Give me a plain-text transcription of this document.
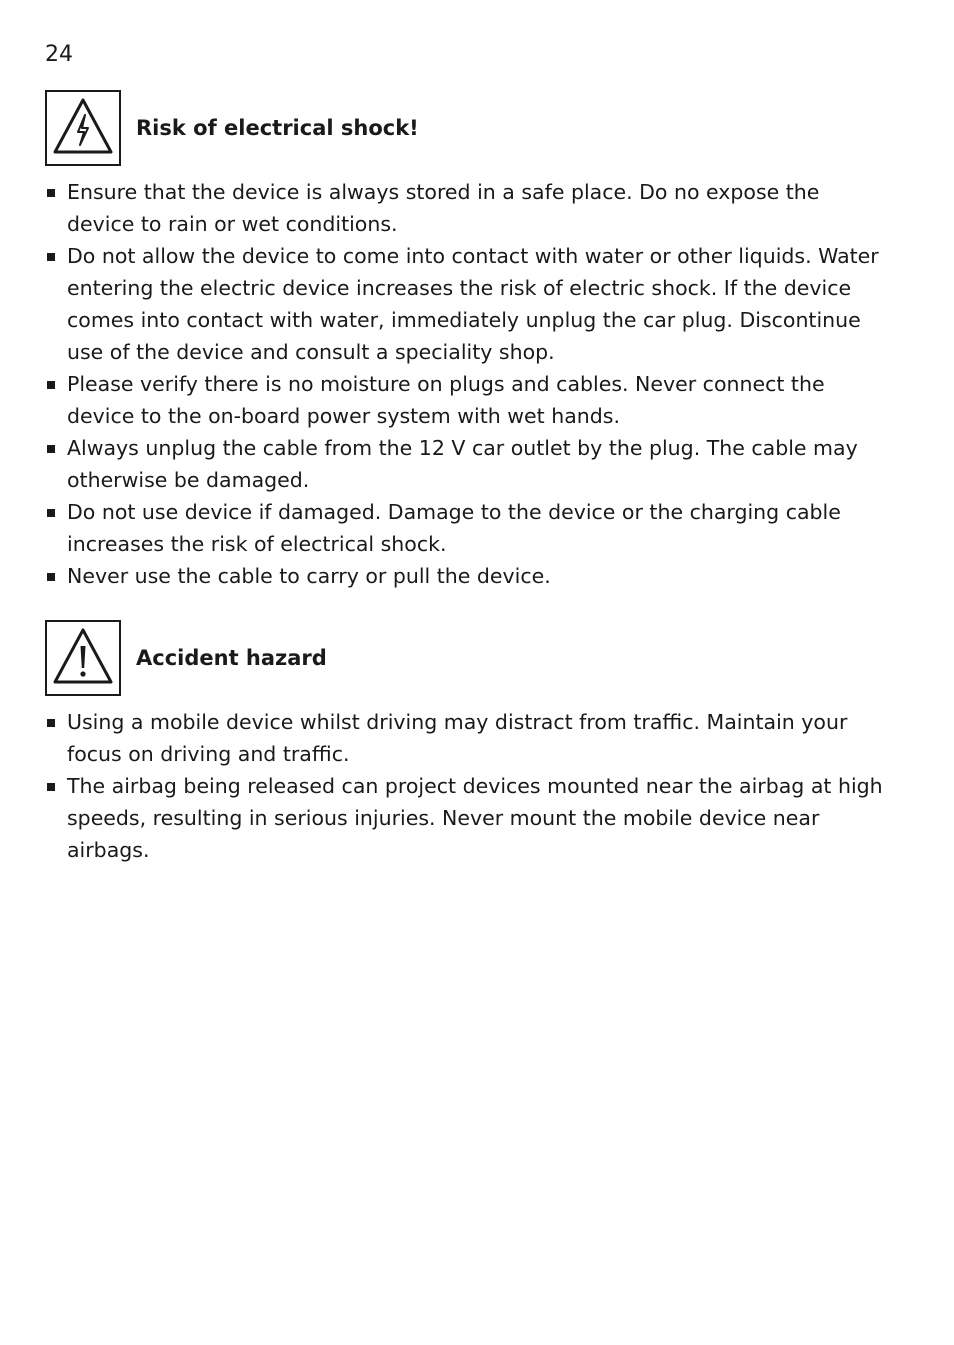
24
Risk of electrical shock!
Ensure that the device is always stored in a safe place. Do no expose the device to rain or wet conditions.
Do not allow the device to come into contact with water or other liquids. Water entering the electric device increases the risk of electric shock. If the device comes into contact with water, immediately unplug the car plug. Discontinue use of the device and consult a speciality shop.
Please verify there is no moisture on plugs and cables. Never connect the device to the on-board power system with wet hands.
Always unplug the cable from the 12 V car outlet by the plug. The cable may otherwise be damaged.
Do not use device if damaged. Damage to the device or the charging cable increases the risk of electrical shock.
Never use the cable to carry or pull the device.
Accident hazard
Using a mobile device whilst driving may distract from traffic. Maintain your focus on driving and traffic.
The airbag being released can project devices mounted near the airbag at high speeds, resulting in serious injuries. Never mount the mobile device near airbags.
